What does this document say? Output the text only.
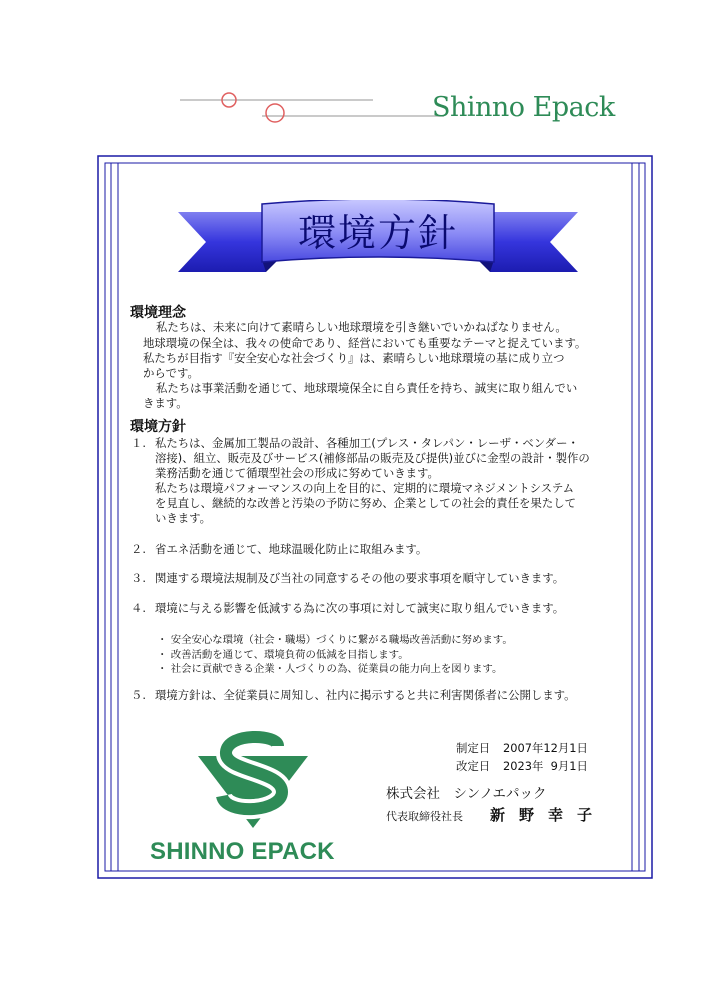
Shinno Epack
環境方針
環境理念
私たちは、未来に向けて素晴らしい地球環境を引き継いでいかねばなりません。
地球環境の保全は、我々の使命であり、経営においても重要なテーマと捉えています。
私たちが目指す『安全安心な社会づくり』は、素晴らしい地球環境の基に成り立つ
からです。
私たちは事業活動を通じて、地球環境保全に自ら責任を持ち、誠実に取り組んでい
きます。
環境方針
１. 私たちは、金属加工製品の設計、各種加工(プレス・タレパン・レーザ・ベンダー・
溶接)、組立、販売及びサービス(補修部品の販売及び提供)並びに金型の設計・製作の
業務活動を通じて循環型社会の形成に努めていきます。
私たちは環境パフォーマンスの向上を目的に、定期的に環境マネジメントシステム
を見直し、継続的な改善と汚染の予防に努め、企業としての社会的責任を果たして
いきます。
２. 省エネ活動を通じて、地球温暖化防止に取組みます。
３. 関連する環境法規制及び当社の同意するその他の要求事項を順守していきます。
４. 環境に与える影響を低減する為に次の事項に対して誠実に取り組んでいきます。
・ 安全安心な環境（社会・職場）づくりに繋がる職場改善活動に努めます。
・ 改善活動を通じて、環境負荷の低減を目指します。
・ 社会に貢献できる企業・人づくりの為、従業員の能力向上を図ります。
５. 環境方針は、全従業員に周知し、社内に掲示すると共に利害関係者に公開します。
制定日 2007年12月1日
改定日 2023年  9月1日
株式会社　シンノエパック
代表取締役社長 新野幸子
SHINNO EPACK
